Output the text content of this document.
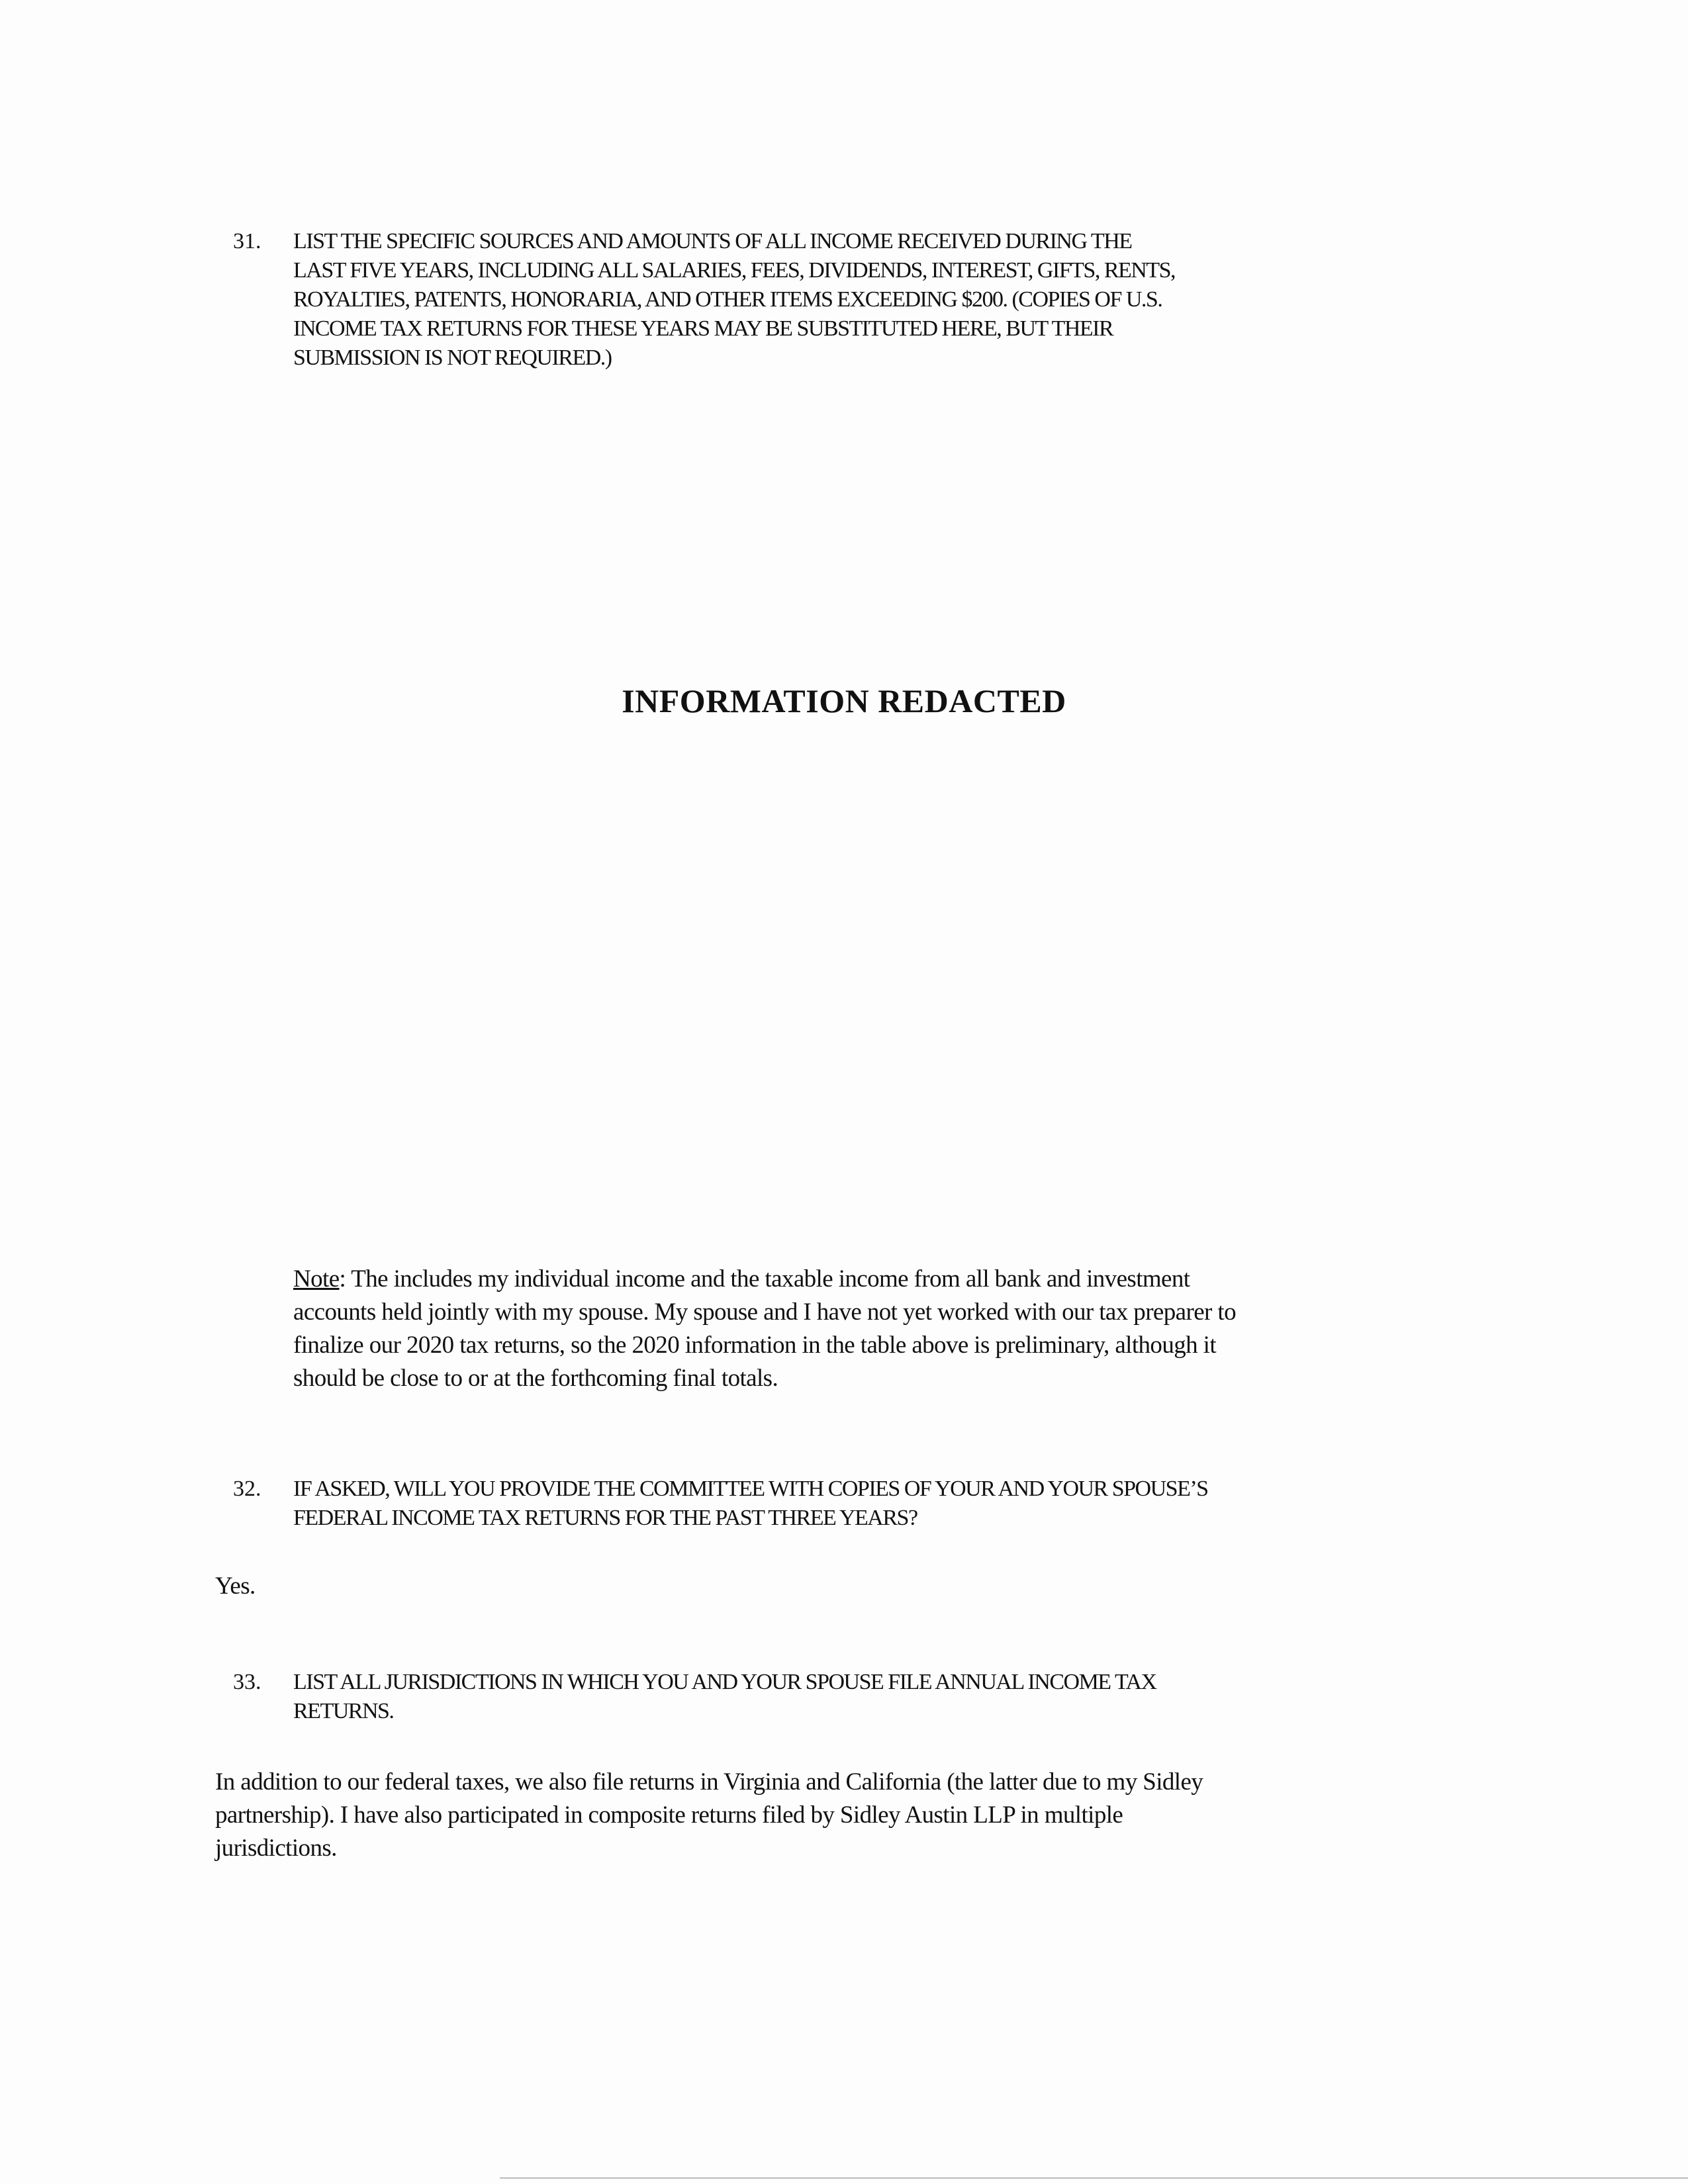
31. LIST THE SPECIFIC SOURCES AND AMOUNTS OF ALL INCOME RECEIVED DURING THE
LAST FIVE YEARS, INCLUDING ALL SALARIES, FEES, DIVIDENDS, INTEREST, GIFTS, RENTS,
ROYALTIES, PATENTS, HONORARIA, AND OTHER ITEMS EXCEEDING $200. (COPIES OF U.S.
INCOME TAX RETURNS FOR THESE YEARS MAY BE SUBSTITUTED HERE, BUT THEIR
SUBMISSION IS NOT REQUIRED.)
INFORMATION REDACTED
Note: The includes my individual income and the taxable income from all bank and investment
accounts held jointly with my spouse. My spouse and I have not yet worked with our tax preparer to
finalize our 2020 tax returns, so the 2020 information in the table above is preliminary, although it
should be close to or at the forthcoming final totals.
32. IF ASKED, WILL YOU PROVIDE THE COMMITTEE WITH COPIES OF YOUR AND YOUR SPOUSE’S
FEDERAL INCOME TAX RETURNS FOR THE PAST THREE YEARS?
Yes.
33. LIST ALL JURISDICTIONS IN WHICH YOU AND YOUR SPOUSE FILE ANNUAL INCOME TAX
RETURNS.
In addition to our federal taxes, we also file returns in Virginia and California (the latter due to my Sidley
partnership). I have also participated in composite returns filed by Sidley Austin LLP in multiple
jurisdictions.
